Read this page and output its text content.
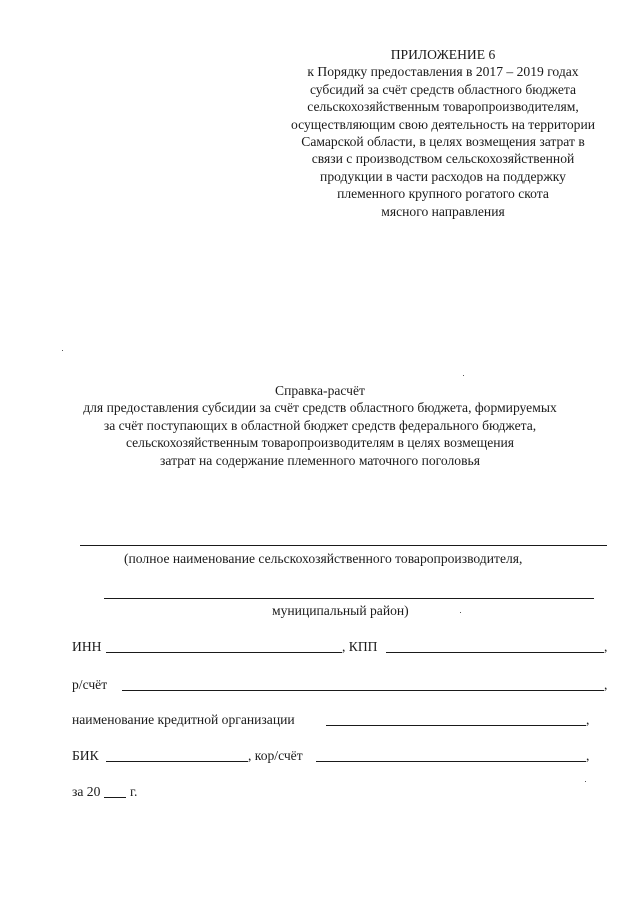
ПРИЛОЖЕНИЕ 6
к Порядку предоставления в 2017 – 2019 годах
субсидий за счёт средств областного бюджета
сельскохозяйственным товаропроизводителям,
осуществляющим свою деятельность на территории
Самарской области, в целях возмещения затрат в
связи с производством сельскохозяйственной
продукции в части расходов на поддержку
племенного крупного рогатого скота
мясного направления
Справка-расчёт
для предоставления субсидии за счёт средств областного бюджета, формируемых
за счёт поступающих в областной бюджет средств федерального бюджета,
сельскохозяйственным товаропроизводителям в целях возмещения
затрат на содержание племенного маточного поголовья
(полное наименование сельскохозяйственного товаропроизводителя,
муниципальный район)
ИНН	, КПП	,
р/счёт	,
наименование кредитной организации	,
БИК	, кор/счёт	,
за 20 г.
